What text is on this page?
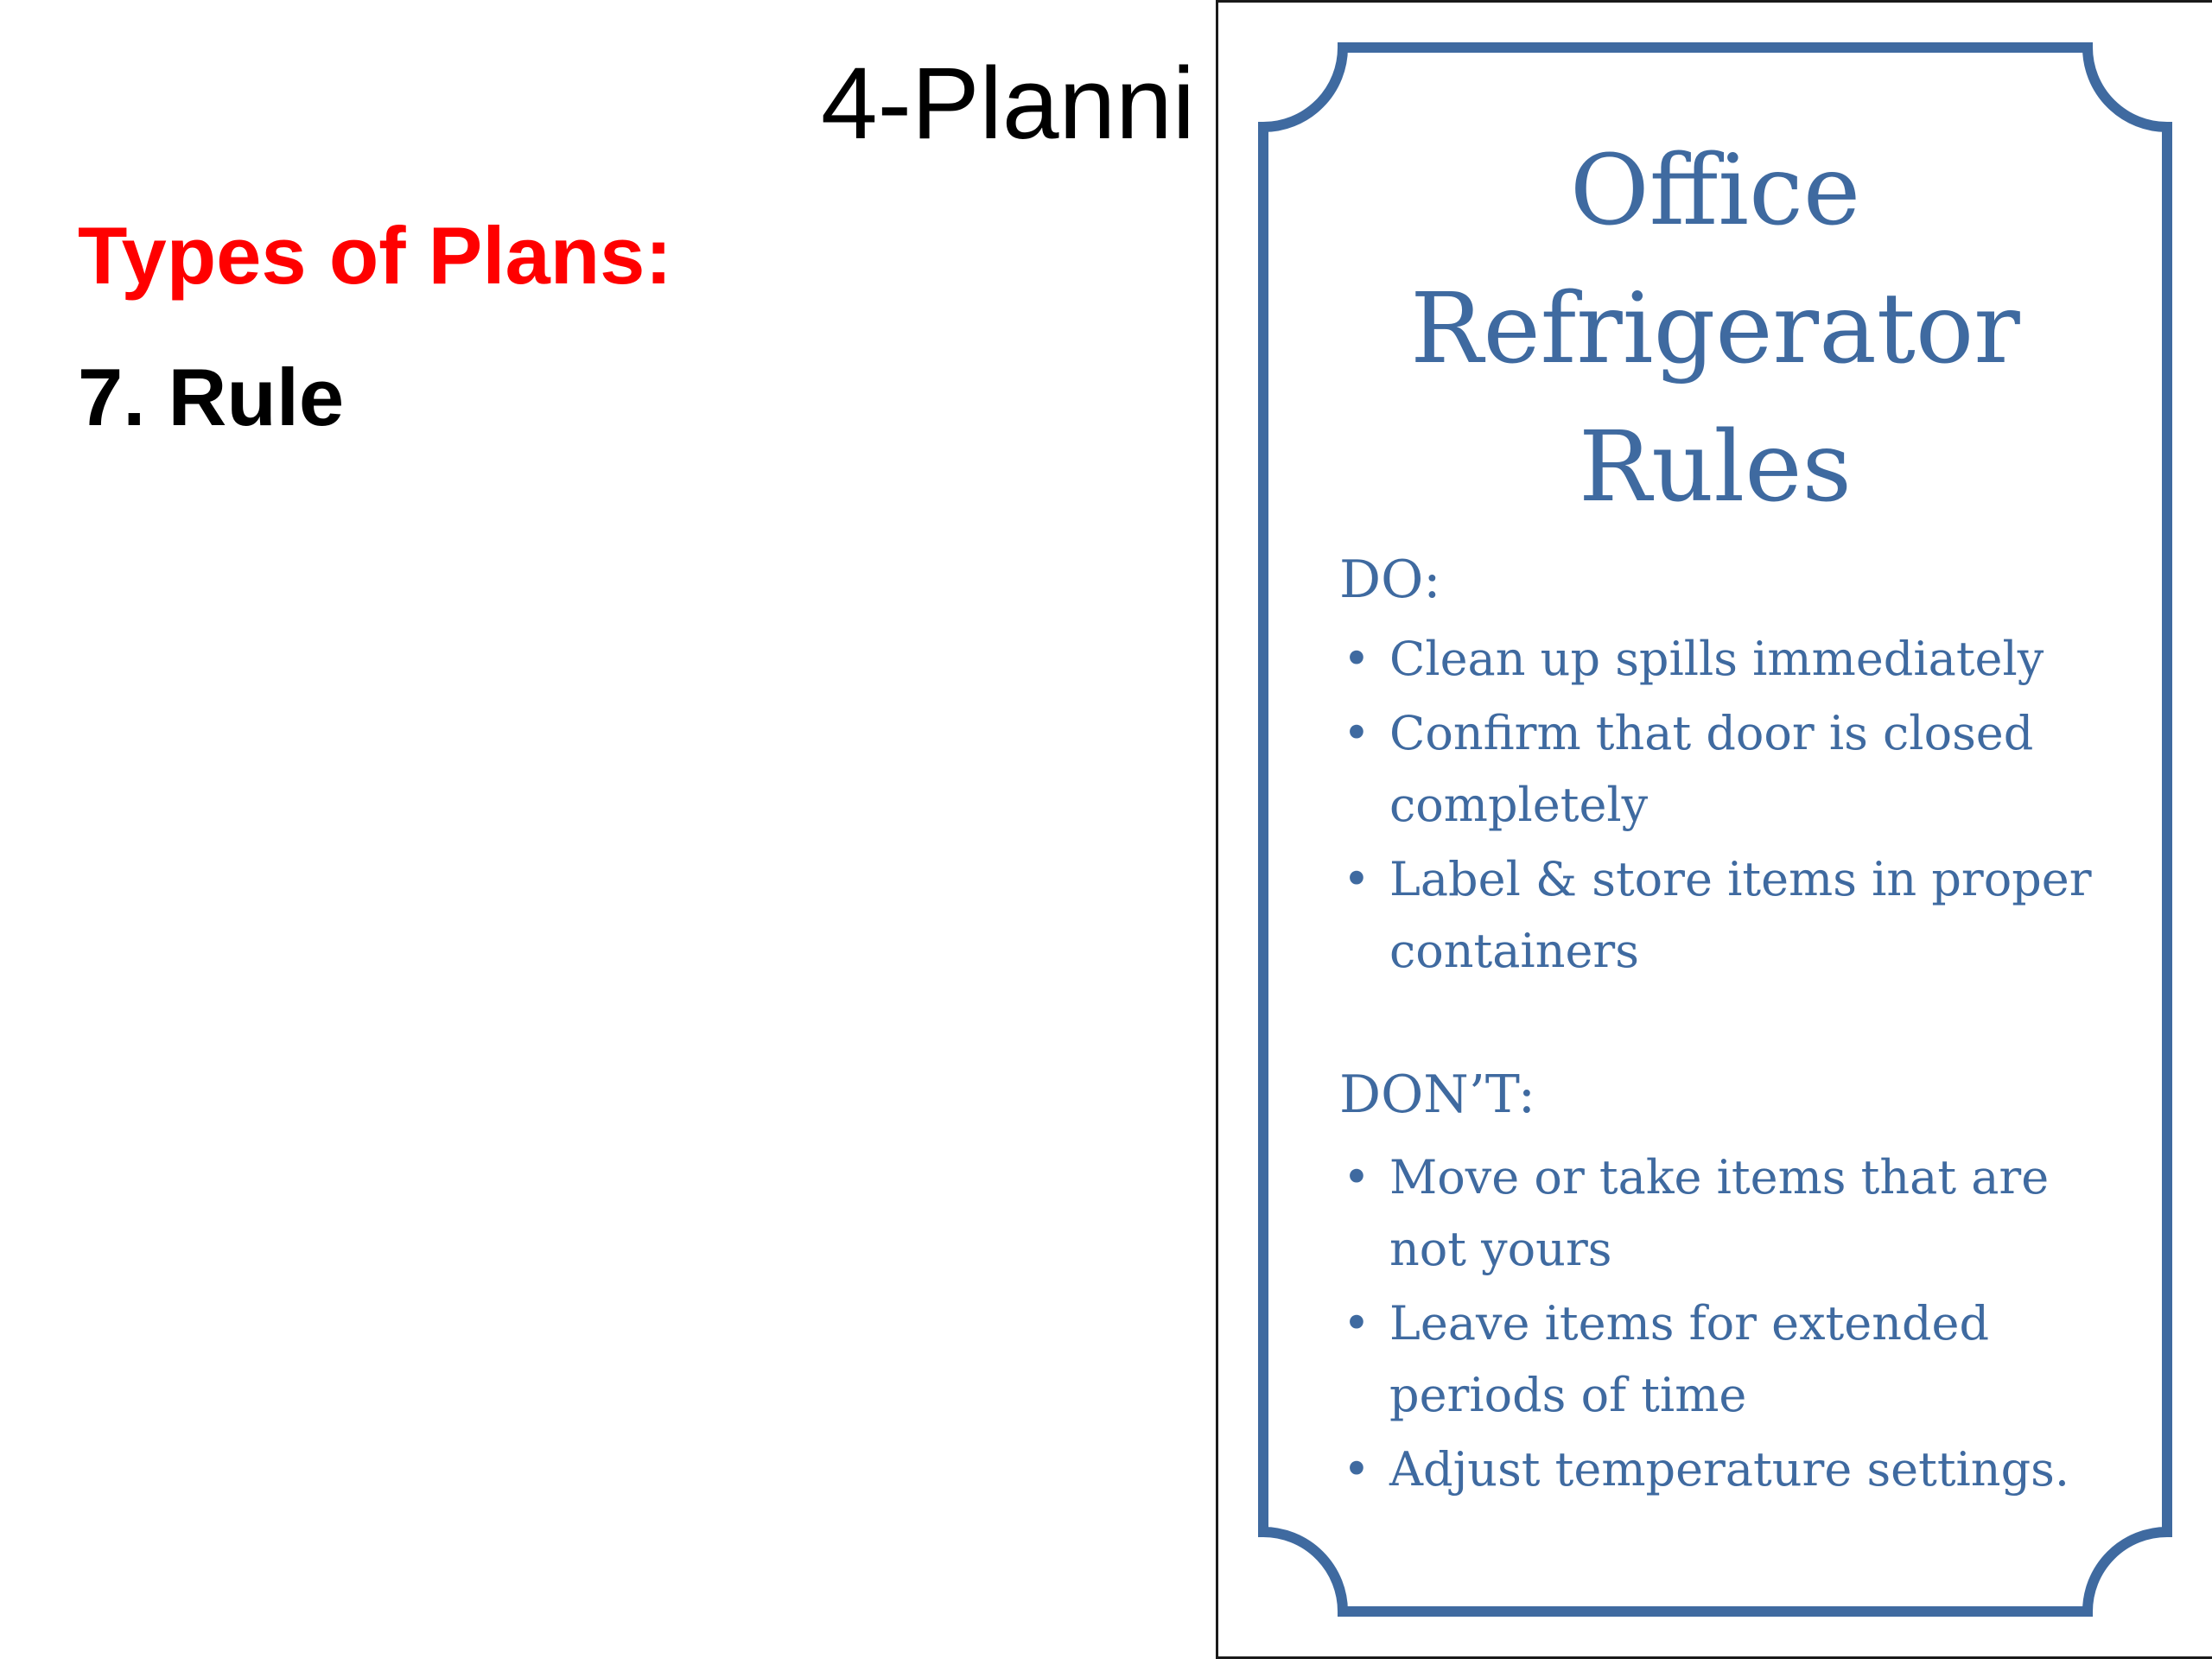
4-Planni

Types of Plans:

7. Rule

Office
Refrigerator
Rules

DO:

• Clean up spills immediately
• Confirm that door is closed completely
• Label & store items in proper containers

DON’T:

• Move or take items that are not yours
• Leave items for extended periods of time
• Adjust temperature settings.
